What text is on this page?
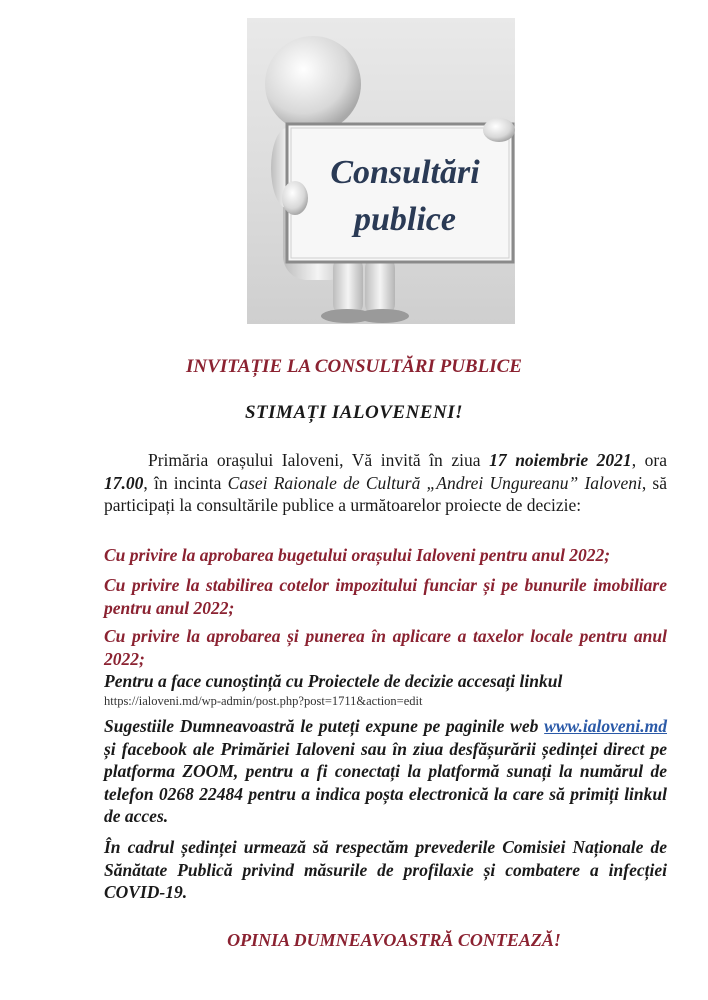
Consultări
publice
INVITAȚIE LA CONSULTĂRI PUBLICE
STIMAȚI IALOVENENI!
Primăria orașului Ialoveni, Vă invită în ziua 17 noiembrie 2021, ora 17.00, în incinta Casei Raionale de Cultură „Andrei Ungureanu” Ialoveni, să participați la consultările publice a următoarelor proiecte de decizie:
Cu privire la aprobarea bugetului orașului Ialoveni pentru anul 2022;
Cu privire la stabilirea cotelor impozitului funciar și pe bunurile imobiliare pentru anul 2022;
Cu privire la aprobarea și punerea în aplicare a taxelor locale pentru anul 2022;
Pentru a face cunoștință cu Proiectele de decizie accesați linkul
https://ialoveni.md/wp-admin/post.php?post=1711&action=edit
Sugestiile Dumneavoastră le puteți expune pe paginile web www.ialoveni.md și facebook ale Primăriei Ialoveni sau în ziua desfășurării ședinței direct pe platforma ZOOM, pentru a fi conectați la platformă sunați la numărul de telefon 0268 22484 pentru a indica poșta electronică la care să primiți linkul de acces.
În cadrul ședinței urmează să respectăm prevederile Comisiei Naționale de Sănătate Publică privind măsurile de profilaxie și combatere a infecției COVID-19.
OPINIA DUMNEAVOASTRĂ CONTEAZĂ!
